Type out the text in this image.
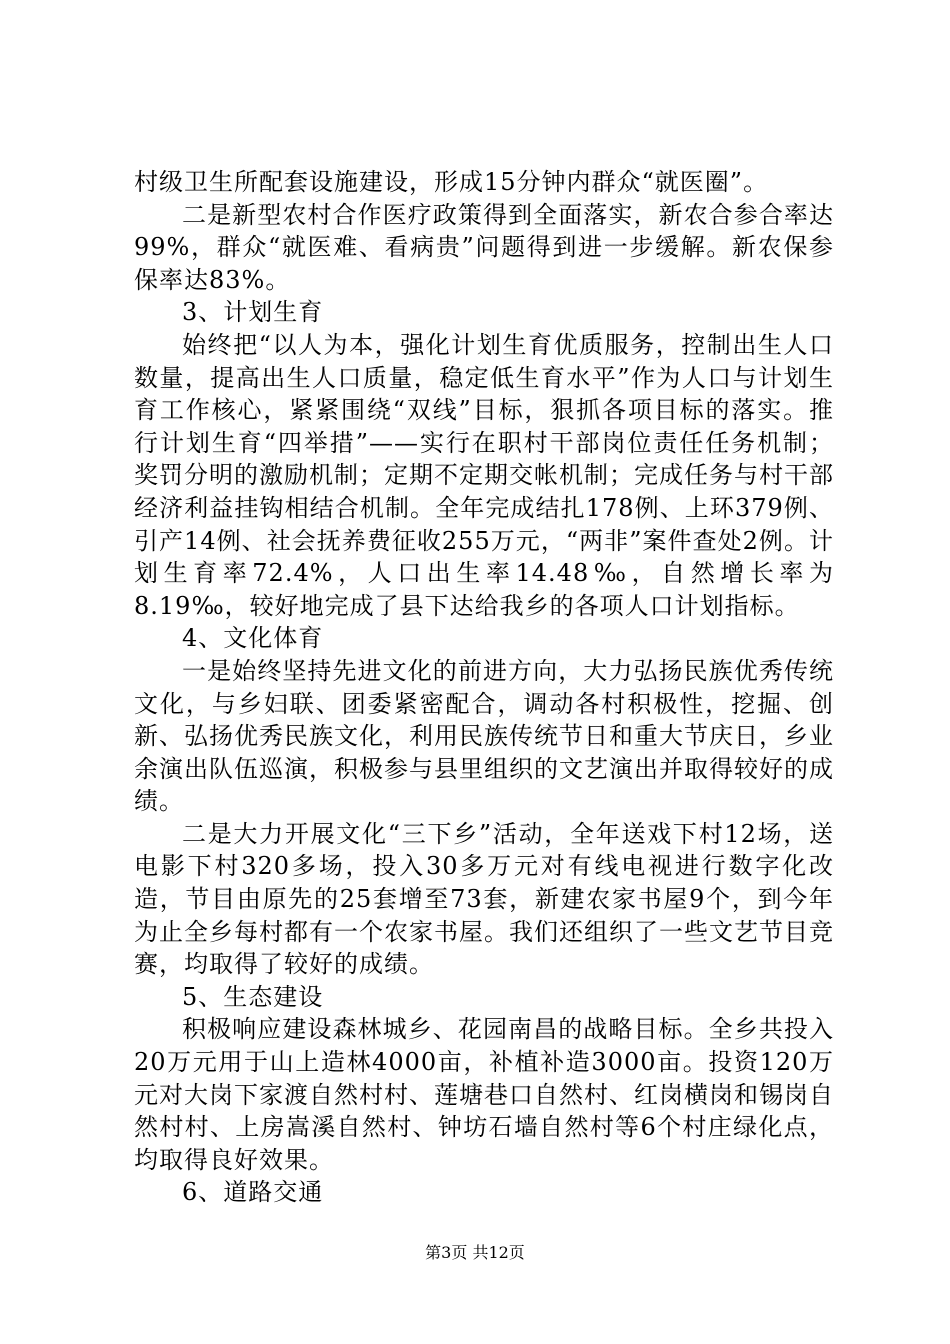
村级卫生所配套设施建设，形成15分钟内群众“就医圈”。

二是新型农村合作医疗政策得到全面落实，新农合参合率达99%，群众“就医难、看病贵”问题得到进一步缓解。新农保参保率达83%。

3、计划生育

始终把“以人为本，强化计划生育优质服务，控制出生人口数量，提高出生人口质量，稳定低生育水平”作为人口与计划生育工作核心，紧紧围绕“双线”目标，狠抓各项目标的落实。推行计划生育“四举措”——实行在职村干部岗位责任任务机制；奖罚分明的激励机制；定期不定期交帐机制；完成任务与村干部经济利益挂钩相结合机制。全年完成结扎178例、上环379例、引产14例、社会抚养费征收255万元，“两非”案件查处2例。计划生育率72.4%，人口出生率14.48‰，自然增长率为8.19‰，较好地完成了县下达给我乡的各项人口计划指标。

4、文化体育

一是始终坚持先进文化的前进方向，大力弘扬民族优秀传统文化，与乡妇联、团委紧密配合，调动各村积极性，挖掘、创新、弘扬优秀民族文化，利用民族传统节日和重大节庆日，乡业余演出队伍巡演，积极参与县里组织的文艺演出并取得较好的成绩。

二是大力开展文化“三下乡”活动，全年送戏下村12场，送电影下村320多场，投入30多万元对有线电视进行数字化改造，节目由原先的25套增至73套，新建农家书屋9个，到今年为止全乡每村都有一个农家书屋。我们还组织了一些文艺节目竞赛，均取得了较好的成绩。

5、生态建设

积极响应建设森林城乡、花园南昌的战略目标。全乡共投入20万元用于山上造林4000亩，补植补造3000亩。投资120万元对大岗下家渡自然村村、莲塘巷口自然村、红岗横岗和锡岗自然村村、上房嵩溪自然村、钟坊石墙自然村等6个村庄绿化点，均取得良好效果。

6、道路交通

第3页 共12页
